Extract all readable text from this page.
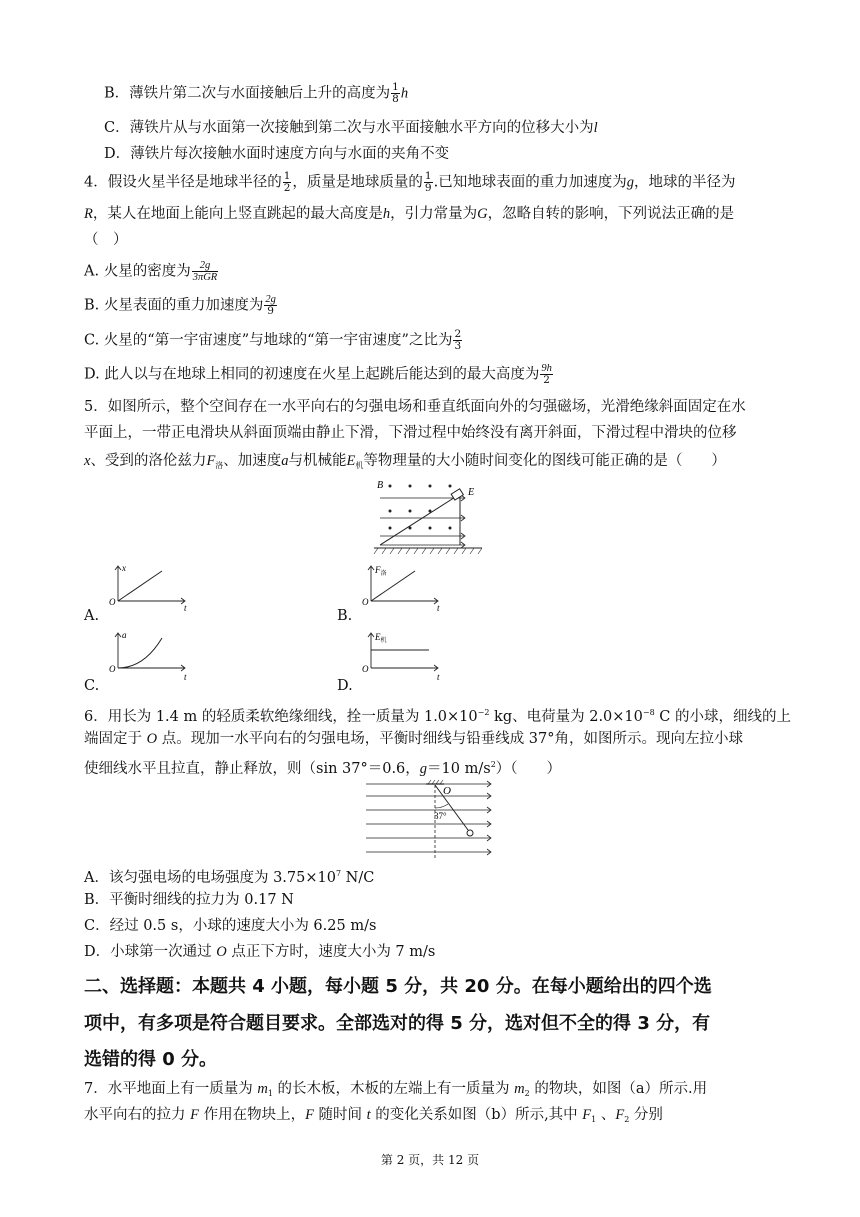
B．薄铁片第二次与水面接触后上升的高度为 $\frac{1}{8}$ h
C．薄铁片从与水面第一次接触到第二次与水平面接触水平方向的位移大小为l
D．薄铁片每次接触水面时速度方向与水面的夹角不变
4．假设火星半径是地球半径的 $\frac{1}{2}$ ，质量是地球质量的 $\frac{1}{9}$ .已知地球表面的重力加速度为g，地球的半径为
R，某人在地面上能向上竖直跳起的最大高度是h，引力常量为G，忽略自转的影响，下列说法正确的是
（　）
A. 火星的密度为 $\frac{2g}{\text{3πGR}}$
B. 火星表面的重力加速度为 $\frac{2g}{9}$
C. 火星的“第一宇宙速度”与地球的“第一宇宙速度”之比为 $\frac{2}{3}$
D. 此人以与在地球上相同的初速度在火星上起跳后能达到的最大高度为 $\frac{9h}{2}$
5．如图所示，整个空间存在一水平向右的匀强电场和垂直纸面向外的匀强磁场，光滑绝缘斜面固定在水
平面上，一带正电滑块从斜面顶端由静止下滑，下滑过程中始终没有离开斜面，下滑过程中滑块的位移
x、受到的洛伦兹力$F_洛$、加速度a与机械能$E_机$等物理量的大小随时间变化的图线可能正确的是（　　）
B
E
A.
O
t
x
B.
O
t
$F_洛$
C.
O
t
a
D.
O
t
$E_机$
6．用长为 1.4 m 的轻质柔软绝缘细线，拴一质量为 $1.0\times 10^{-2}$ kg、电荷量为 $2.0\times 10^{-8}$ C 的小球，细线的上
端固定于 O 点。现加一水平向右的匀强电场，平衡时细线与铅垂线成 37°角，如图所示。现向左拉小球
使细线水平且拉直，静止释放，则（sin 37°＝0.6，g＝10 $m/s^2$）（　　）
O
37°
A．该匀强电场的电场强度为 $3.75\times 10^7$ N/C
B．平衡时细线的拉力为 0.17 N
C．经过 0.5 s，小球的速度大小为 6.25 m/s
D．小球第一次通过 O 点正下方时，速度大小为 7 m/s
二、选择题：本题共 4 小题，每小题 5 分，共 20 分。在每小题给出的四个选
项中，有多项是符合题目要求。全部选对的得 5 分，选对但不全的得 3 分，有
选错的得 0 分。
7．水平地面上有一质量为 $m_1$ 的长木板，木板的左端上有一质量为 $m_2$ 的物块，如图（a）所示.用
水平向右的拉力 F 作用在物块上，F 随时间 t 的变化关系如图（b）所示,其中 $F_1$ 、$F_2$ 分别
第 2 页，共 12 页
